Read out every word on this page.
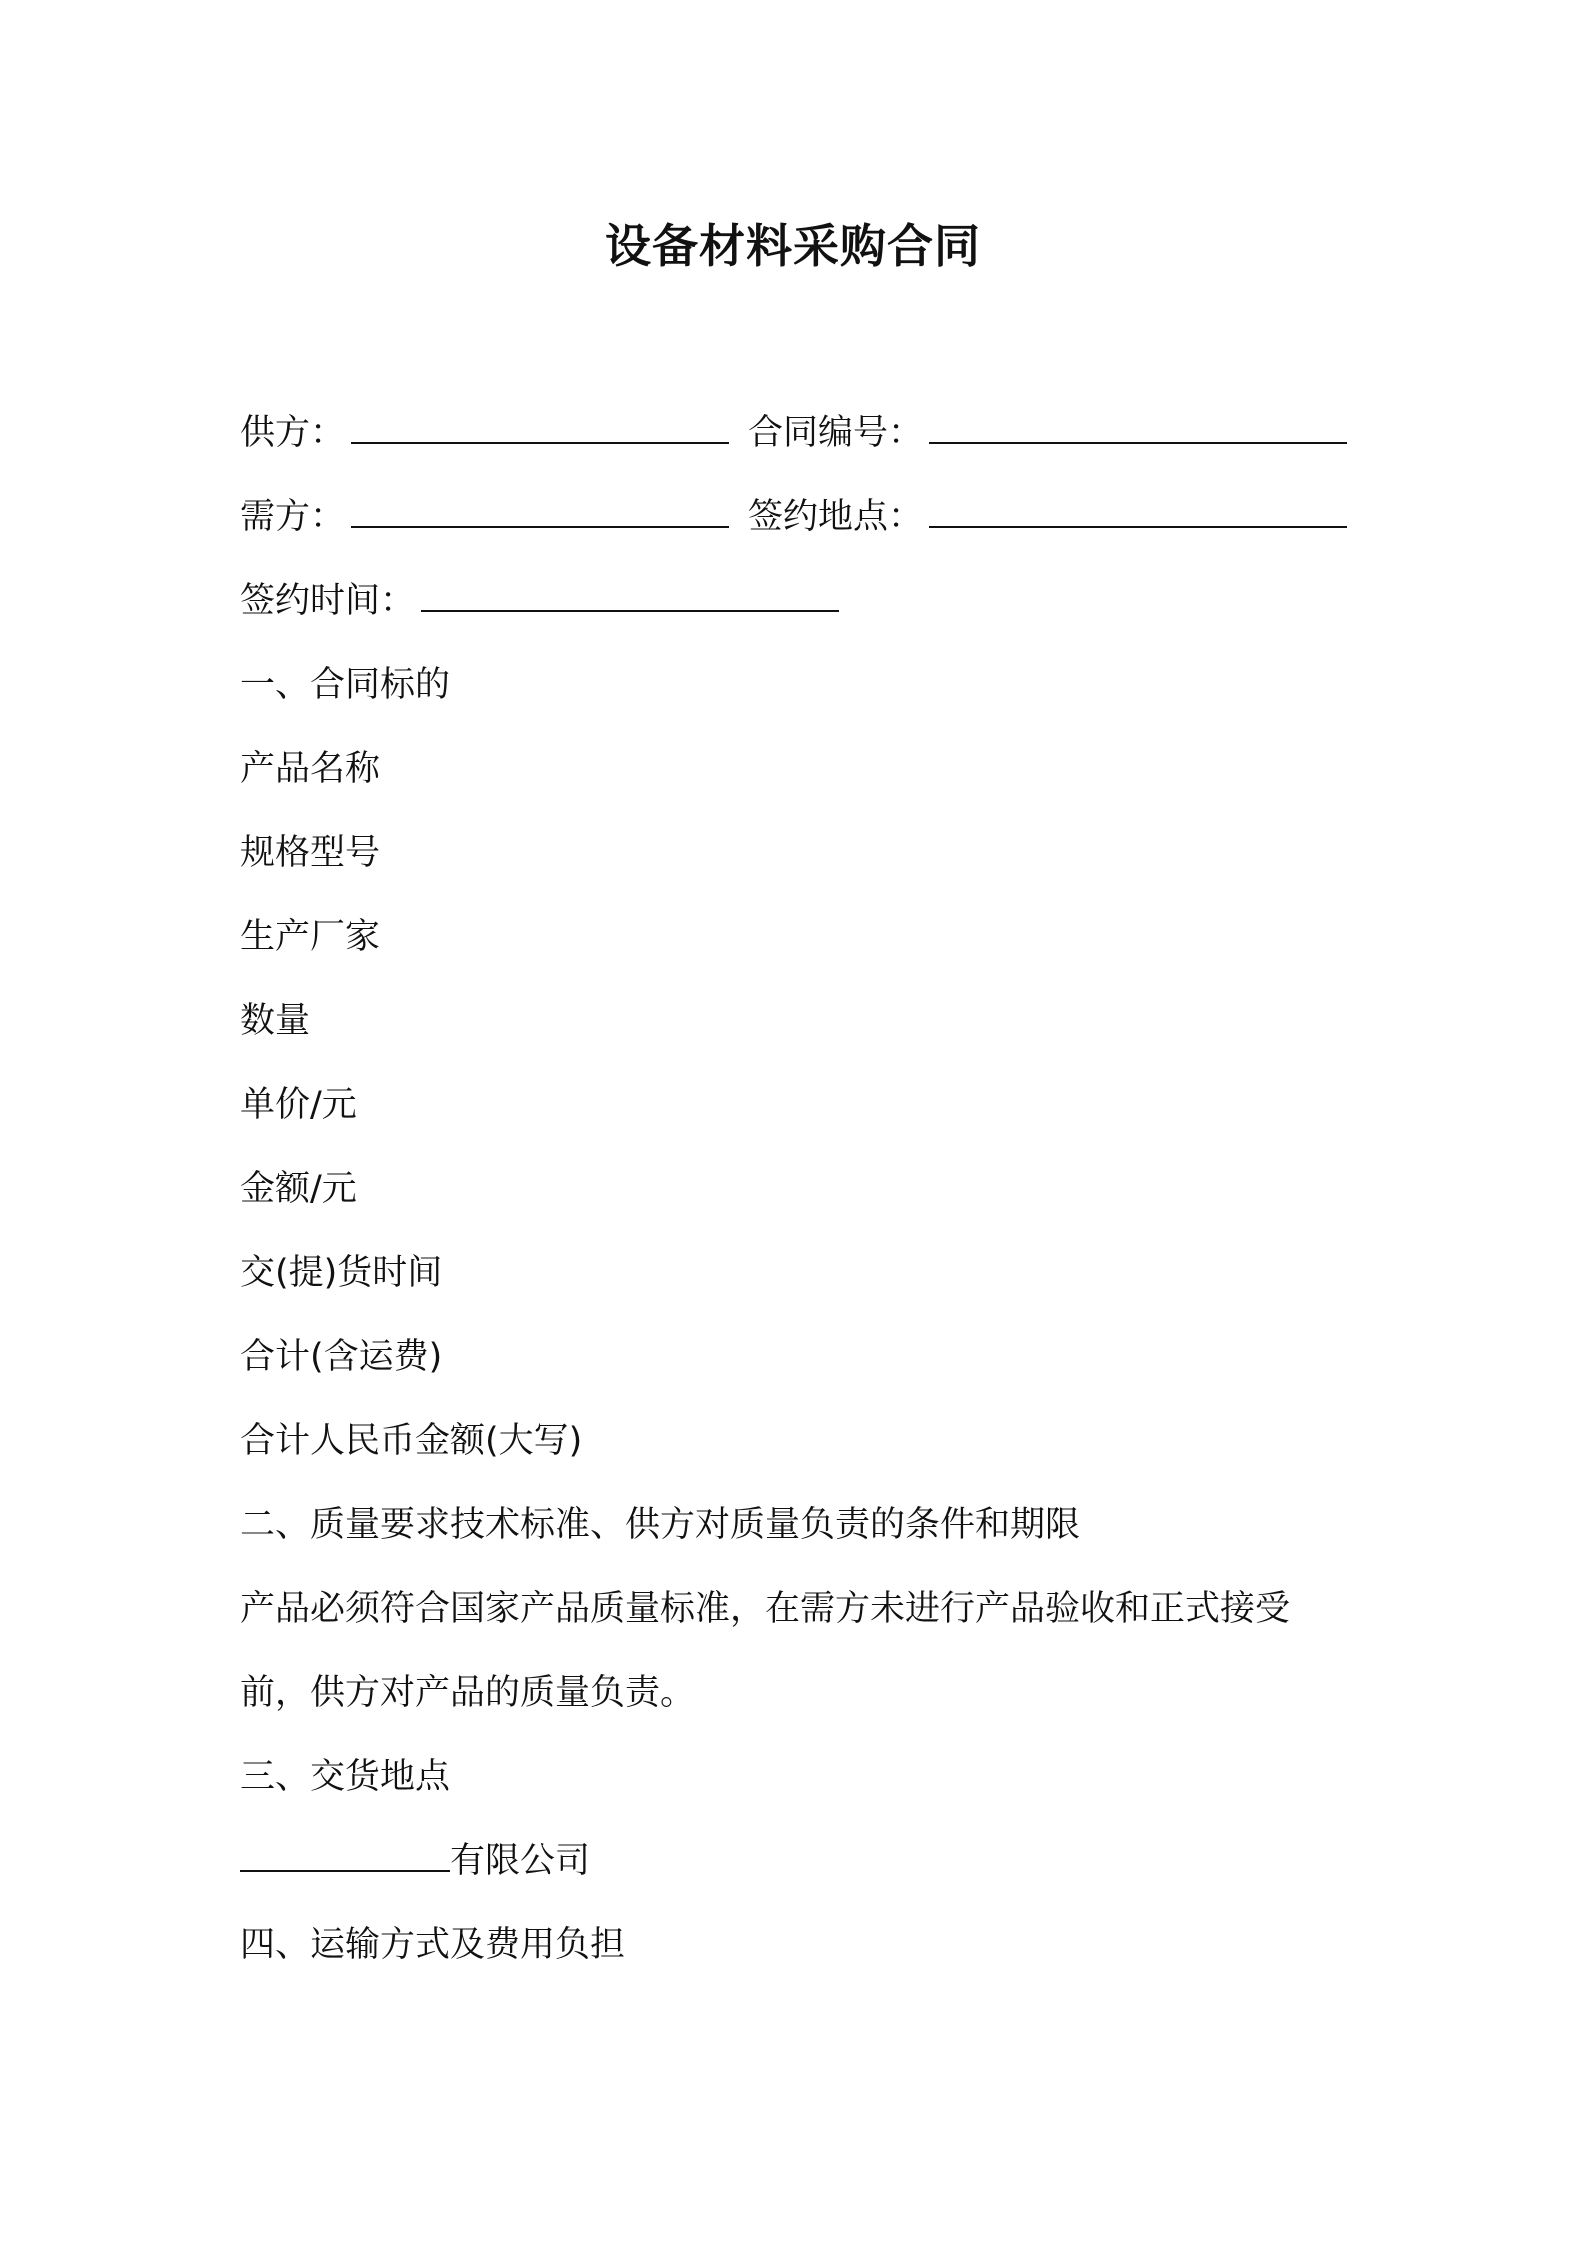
设备材料采购合同
供方：	合同编号：
需方：	签约地点：
签约时间：
一、合同标的
产品名称
规格型号
生产厂家
数量
单价/元
金额/元
交(提)货时间
合计(含运费)
合计人民币金额(大写)
二、质量要求技术标准、供方对质量负责的条件和期限
产品必须符合国家产品质量标准，在需方未进行产品验收和正式接受
前，供方对产品的质量负责。
三、交货地点
有限公司
四、运输方式及费用负担
